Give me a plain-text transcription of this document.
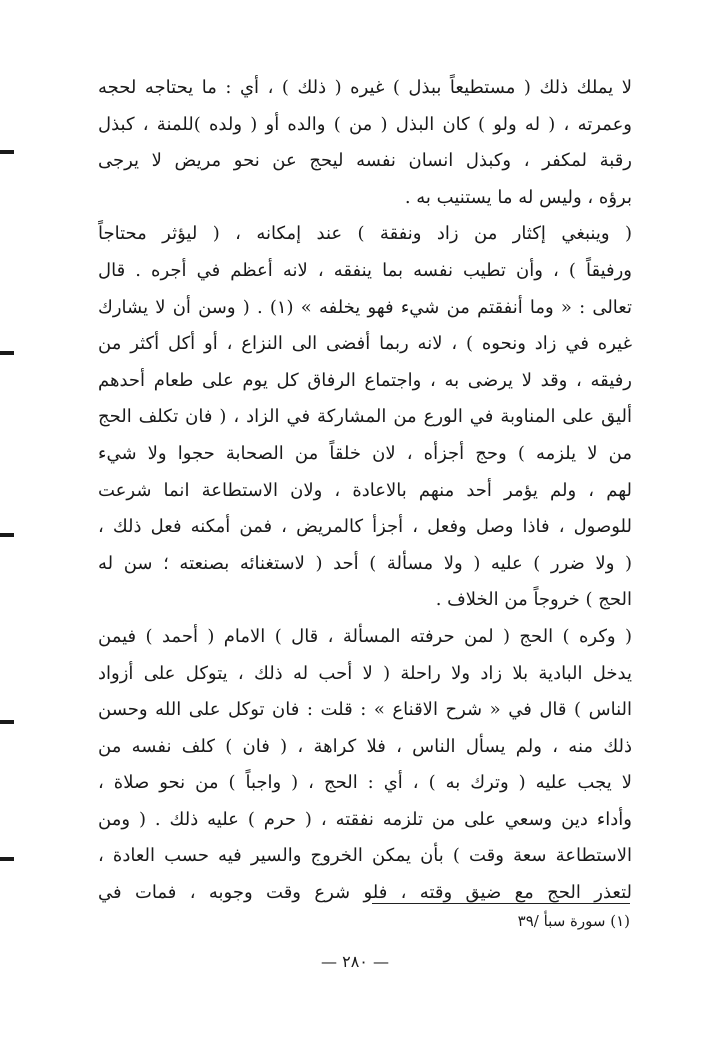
لا يملك ذلك ( مستطيعاً ببذل ) غيره ( ذلك ) ، أي : ما يحتاجه لحجه
وعمرته ، ( له ولو ) كان البذل ( من ) والده أو ( ولده )للمنة ، كبذل
رقبة لمكفر ، وكبذل انسان نفسه ليحج عن نحو مريض لا يرجى
برؤه ، وليس له ما يستنيب به .
( وينبغي إكثار من زاد ونفقة ) عند إمكانه ، ( ليؤثر محتاجاً
ورفيقاً ) ، وأن تطيب نفسه بما ينفقه ، لانه أعظم في أجره . قال
تعالى : « وما أنفقتم من شيء فهو يخلفه » (١) . ( وسن أن لا يشارك
غيره في زاد ونحوه ) ، لانه ربما أفضى الى النزاع ، أو أكل أكثر من
رفيقه ، وقد لا يرضى به ، واجتماع الرفاق كل يوم على طعام أحدهم
أليق على المناوبة في الورع من المشاركة في الزاد ، ( فان تكلف الحج
من لا يلزمه ) وحج أجزأه ، لان خلقاً من الصحابة حجوا ولا شيء
لهم ، ولم يؤمر أحد منهم بالاعادة ، ولان الاستطاعة انما شرعت
للوصول ، فاذا وصل وفعل ، أجزأ كالمريض ، فمن أمكنه فعل ذلك ،
( ولا ضرر ) عليه ( ولا مسألة ) أحد ( لاستغنائه بصنعته ؛ سن له
الحج ) خروجاً من الخلاف .
( وكره ) الحج ( لمن حرفته المسألة ، قال ) الامام ( أحمد ) فيمن
يدخل البادية بلا زاد ولا راحلة ( لا أحب له ذلك ، يتوكل على أزواد
الناس ) قال في « شرح الاقناع » : قلت : فان توكل على الله وحسن
ذلك منه ، ولم يسأل الناس ، فلا كراهة ، ( فان ) كلف نفسه من
لا يجب عليه ( وترك به ) ، أي : الحج ، ( واجباً ) من نحو صلاة ،
وأداء دين وسعي على من تلزمه نفقته ، ( حرم ) عليه ذلك . ( ومن
الاستطاعة سعة وقت ) بأن يمكن الخروج والسير فيه حسب العادة ،
لتعذر الحج مع ضيق وقته ، فلو شرع وقت وجوبه ، فمات في
(١) سورة سبأ /٣٩
— ٢٨٠ —
